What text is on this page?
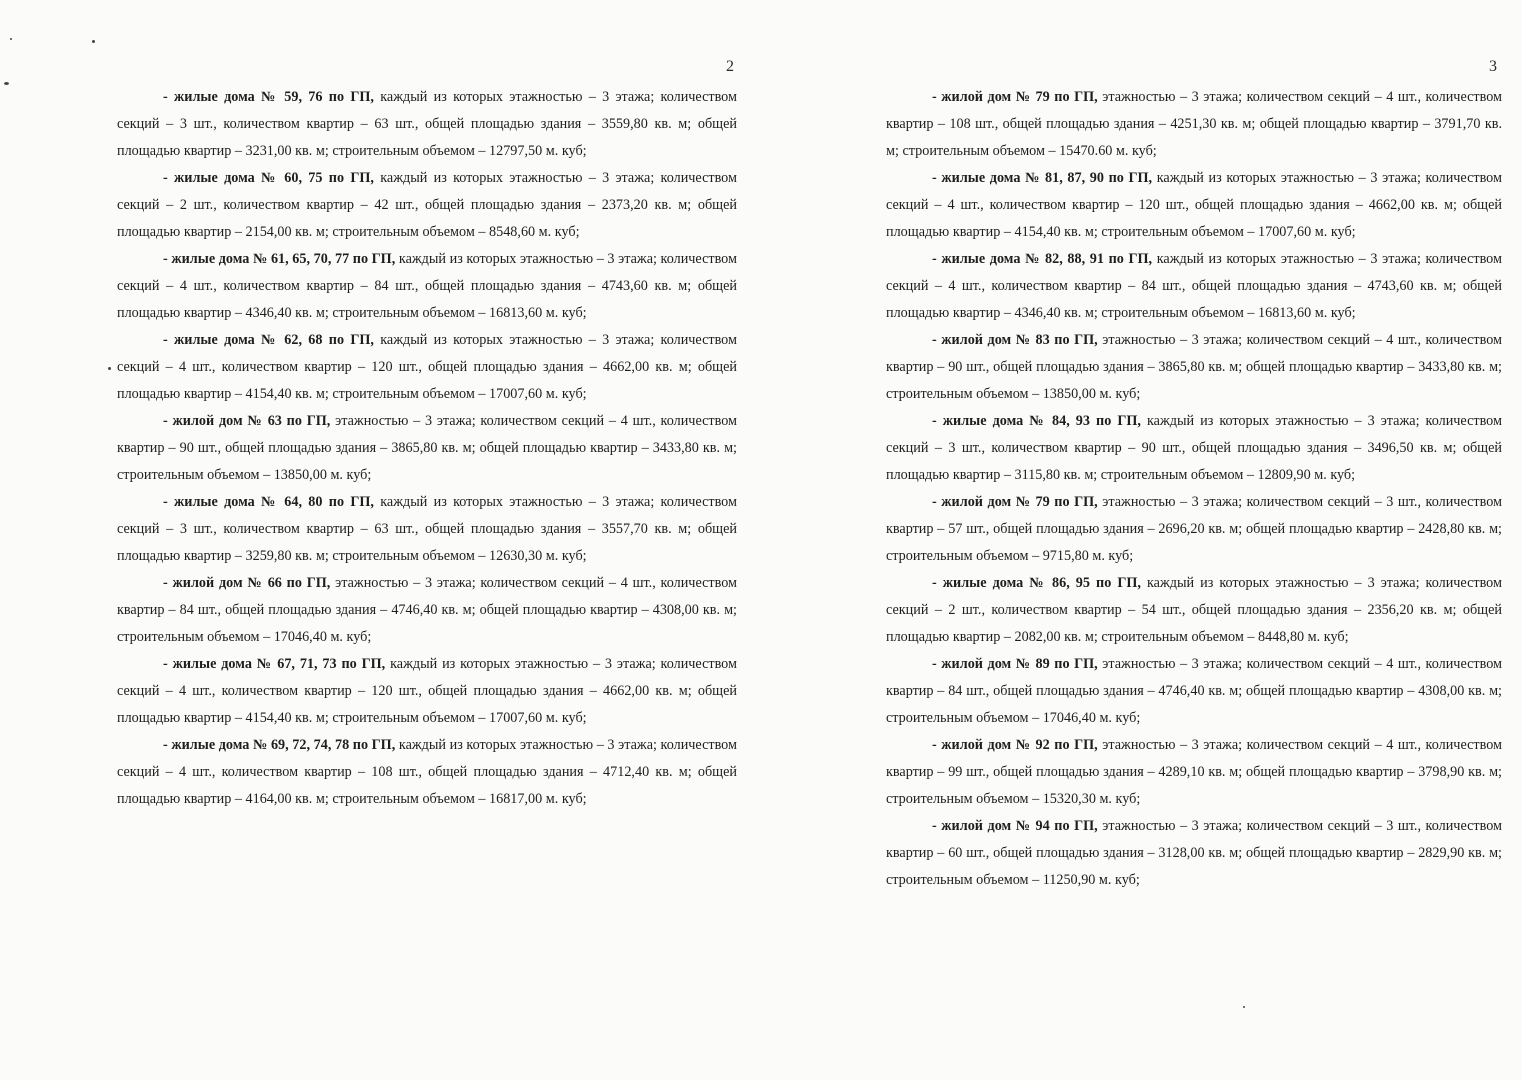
2

- жилые дома № 59, 76 по ГП, каждый из которых этажностью – 3 этажа; количеством секций – 3 шт., количеством квартир – 63 шт., общей площадью здания – 3559,80 кв. м; общей площадью квартир – 3231,00 кв. м; строительным объемом – 12797,50 м. куб;

- жилые дома № 60, 75 по ГП, каждый из которых этажностью – 3 этажа; количеством секций – 2 шт., количеством квартир – 42 шт., общей площадью здания – 2373,20 кв. м; общей площадью квартир – 2154,00 кв. м; строительным объемом – 8548,60 м. куб;

- жилые дома № 61, 65, 70, 77 по ГП, каждый из которых этажностью – 3 этажа; количеством секций – 4 шт., количеством квартир – 84 шт., общей площадью здания – 4743,60 кв. м; общей площадью квартир – 4346,40 кв. м; строительным объемом – 16813,60 м. куб;

- жилые дома № 62, 68 по ГП, каждый из которых этажностью – 3 этажа; количеством секций – 4 шт., количеством квартир – 120 шт., общей площадью здания – 4662,00 кв. м; общей площадью квартир – 4154,40 кв. м; строительным объемом – 17007,60 м. куб;

- жилой дом № 63 по ГП, этажностью – 3 этажа; количеством секций – 4 шт., количеством квартир – 90 шт., общей площадью здания – 3865,80 кв. м; общей площадью квартир – 3433,80 кв. м; строительным объемом – 13850,00 м. куб;

- жилые дома № 64, 80 по ГП, каждый из которых этажностью – 3 этажа; количеством секций – 3 шт., количеством квартир – 63 шт., общей площадью здания – 3557,70 кв. м; общей площадью квартир – 3259,80 кв. м; строительным объемом – 12630,30 м. куб;

- жилой дом № 66 по ГП, этажностью – 3 этажа; количеством секций – 4 шт., количеством квартир – 84 шт., общей площадью здания – 4746,40 кв. м; общей площадью квартир – 4308,00 кв. м; строительным объемом – 17046,40 м. куб;

- жилые дома № 67, 71, 73 по ГП, каждый из которых этажностью – 3 этажа; количеством секций – 4 шт., количеством квартир – 120 шт., общей площадью здания – 4662,00 кв. м; общей площадью квартир – 4154,40 кв. м; строительным объемом – 17007,60 м. куб;

- жилые дома № 69, 72, 74, 78 по ГП, каждый из которых этажностью – 3 этажа; количеством секций – 4 шт., количеством квартир – 108 шт., общей площадью здания – 4712,40 кв. м; общей площадью квартир – 4164,00 кв. м; строительным объемом – 16817,00 м. куб;

3

- жилой дом № 79 по ГП, этажностью – 3 этажа; количеством секций – 4 шт., количеством квартир – 108 шт., общей площадью здания – 4251,30 кв. м; общей площадью квартир – 3791,70 кв. м; строительным объемом – 15470.60 м. куб;

- жилые дома № 81, 87, 90 по ГП, каждый из которых этажностью – 3 этажа; количеством секций – 4 шт., количеством квартир – 120 шт., общей площадью здания – 4662,00 кв. м; общей площадью квартир – 4154,40 кв. м; строительным объемом – 17007,60 м. куб;

- жилые дома № 82, 88, 91 по ГП, каждый из которых этажностью – 3 этажа; количеством секций – 4 шт., количеством квартир – 84 шт., общей площадью здания – 4743,60 кв. м; общей площадью квартир – 4346,40 кв. м; строительным объемом – 16813,60 м. куб;

- жилой дом № 83 по ГП, этажностью – 3 этажа; количеством секций – 4 шт., количеством квартир – 90 шт., общей площадью здания – 3865,80 кв. м; общей площадью квартир – 3433,80 кв. м; строительным объемом – 13850,00 м. куб;

- жилые дома № 84, 93 по ГП, каждый из которых этажностью – 3 этажа; количеством секций – 3 шт., количеством квартир – 90 шт., общей площадью здания – 3496,50 кв. м; общей площадью квартир – 3115,80 кв. м; строительным объемом – 12809,90 м. куб;

- жилой дом № 79 по ГП, этажностью – 3 этажа; количеством секций – 3 шт., количеством квартир – 57 шт., общей площадью здания – 2696,20 кв. м; общей площадью квартир – 2428,80 кв. м; строительным объемом – 9715,80 м. куб;

- жилые дома № 86, 95 по ГП, каждый из которых этажностью – 3 этажа; количеством секций – 2 шт., количеством квартир – 54 шт., общей площадью здания – 2356,20 кв. м; общей площадью квартир – 2082,00 кв. м; строительным объемом – 8448,80 м. куб;

- жилой дом № 89 по ГП, этажностью – 3 этажа; количеством секций – 4 шт., количеством квартир – 84 шт., общей площадью здания – 4746,40 кв. м; общей площадью квартир – 4308,00 кв. м; строительным объемом – 17046,40 м. куб;

- жилой дом № 92 по ГП, этажностью – 3 этажа; количеством секций – 4 шт., количеством квартир – 99 шт., общей площадью здания – 4289,10 кв. м; общей площадью квартир – 3798,90 кв. м; строительным объемом – 15320,30 м. куб;

- жилой дом № 94 по ГП, этажностью – 3 этажа; количеством секций – 3 шт., количеством квартир – 60 шт., общей площадью здания – 3128,00 кв. м; общей площадью квартир – 2829,90 кв. м; строительным объемом – 11250,90 м. куб;
